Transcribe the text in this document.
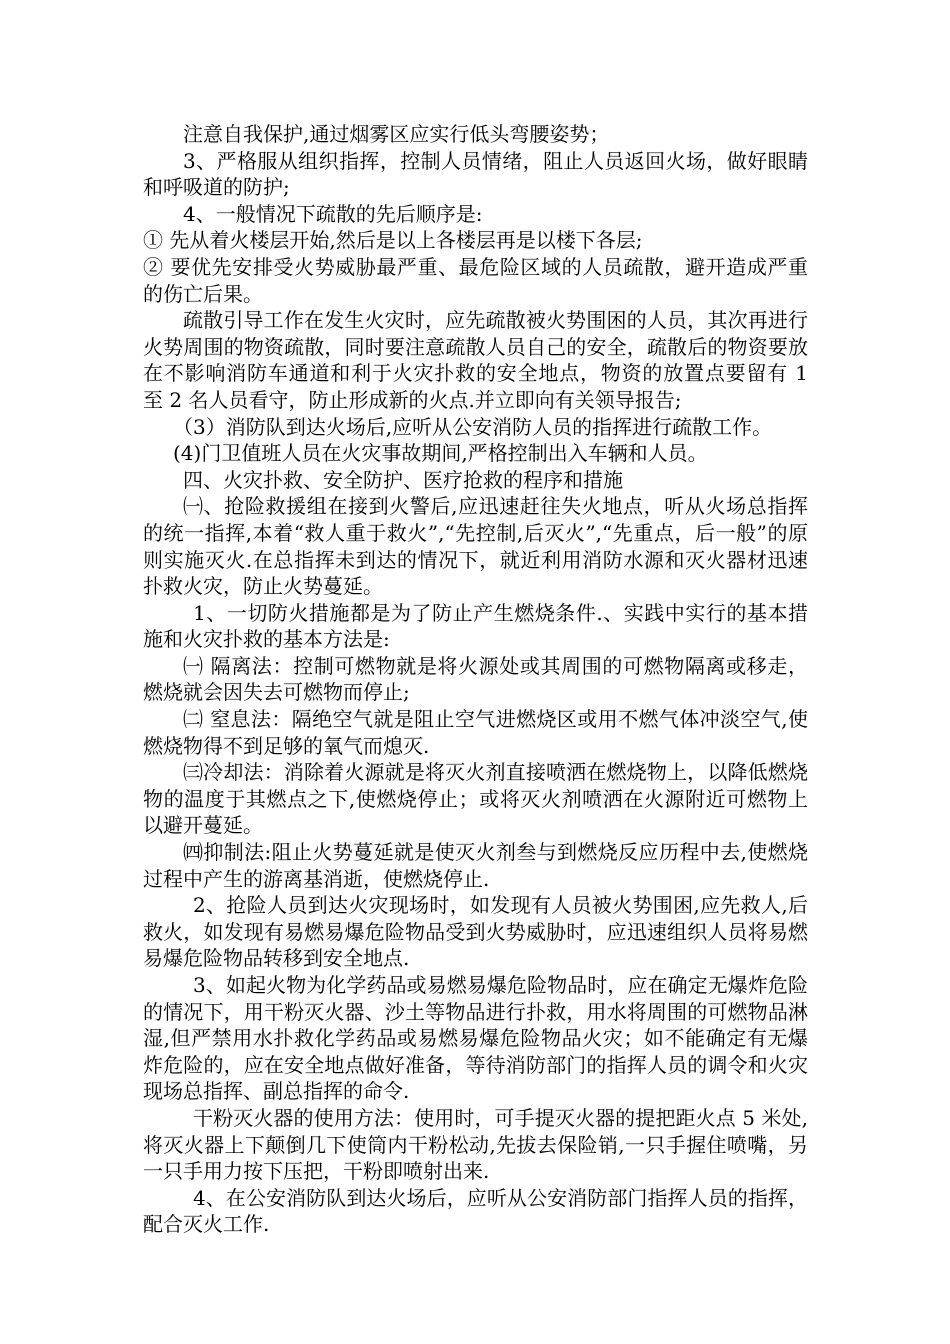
注意自我保护,通过烟雾区应实行低头弯腰姿势；

3、严格服从组织指挥，控制人员情绪，阻止人员返回火场，做好眼睛和呼吸道的防护;

4、一般情况下疏散的先后顺序是:

① 先从着火楼层开始,然后是以上各楼层再是以楼下各层;

② 要优先安排受火势威胁最严重、最危险区域的人员疏散，避开造成严重的伤亡后果。

疏散引导工作在发生火灾时，应先疏散被火势围困的人员，其次再进行火势周围的物资疏散，同时要注意疏散人员自己的安全，疏散后的物资要放在不影响消防车通道和利于火灾扑救的安全地点，物资的放置点要留有 1 至 2 名人员看守，防止形成新的火点.并立即向有关领导报告;

（3）消防队到达火场后,应听从公安消防人员的指挥进行疏散工作。

(4)门卫值班人员在火灾事故期间,严格控制出入车辆和人员。

四、火灾扑救、安全防护、医疗抢救的程序和措施

㈠、抢险救援组在接到火警后,应迅速赶往失火地点，听从火场总指挥的统一指挥,本着“救人重于救火”,“先控制,后灭火”,“先重点，后一般”的原则实施灭火.在总指挥未到达的情况下，就近利用消防水源和灭火器材迅速扑救火灾，防止火势蔓延。

1、一切防火措施都是为了防止产生燃烧条件.、实践中实行的基本措施和火灾扑救的基本方法是:

㈠ 隔离法：控制可燃物就是将火源处或其周围的可燃物隔离或移走，燃烧就会因失去可燃物而停止;

㈡ 窒息法：隔绝空气就是阻止空气进燃烧区或用不燃气体冲淡空气,使燃烧物得不到足够的氧气而熄灭.

㈢冷却法：消除着火源就是将灭火剂直接喷洒在燃烧物上，以降低燃烧物的温度于其燃点之下,使燃烧停止；或将灭火剂喷洒在火源附近可燃物上以避开蔓延。

㈣抑制法:阻止火势蔓延就是使灭火剂叁与到燃烧反应历程中去,使燃烧过程中产生的游离基消逝，使燃烧停止.

2、抢险人员到达火灾现场时，如发现有人员被火势围困,应先救人,后救火，如发现有易燃易爆危险物品受到火势威胁时，应迅速组织人员将易燃易爆危险物品转移到安全地点.

3、如起火物为化学药品或易燃易爆危险物品时，应在确定无爆炸危险的情况下，用干粉灭火器、沙土等物品进行扑救，用水将周围的可燃物品淋湿,但严禁用水扑救化学药品或易燃易爆危险物品火灾；如不能确定有无爆炸危险的，应在安全地点做好准备，等待消防部门的指挥人员的调令和火灾现场总指挥、副总指挥的命令.

干粉灭火器的使用方法：使用时，可手提灭火器的提把距火点 5 米处,将灭火器上下颠倒几下使筒内干粉松动,先拔去保险销,一只手握住喷嘴，另一只手用力按下压把，干粉即喷射出来.

4、在公安消防队到达火场后，应听从公安消防部门指挥人员的指挥，配合灭火工作.
